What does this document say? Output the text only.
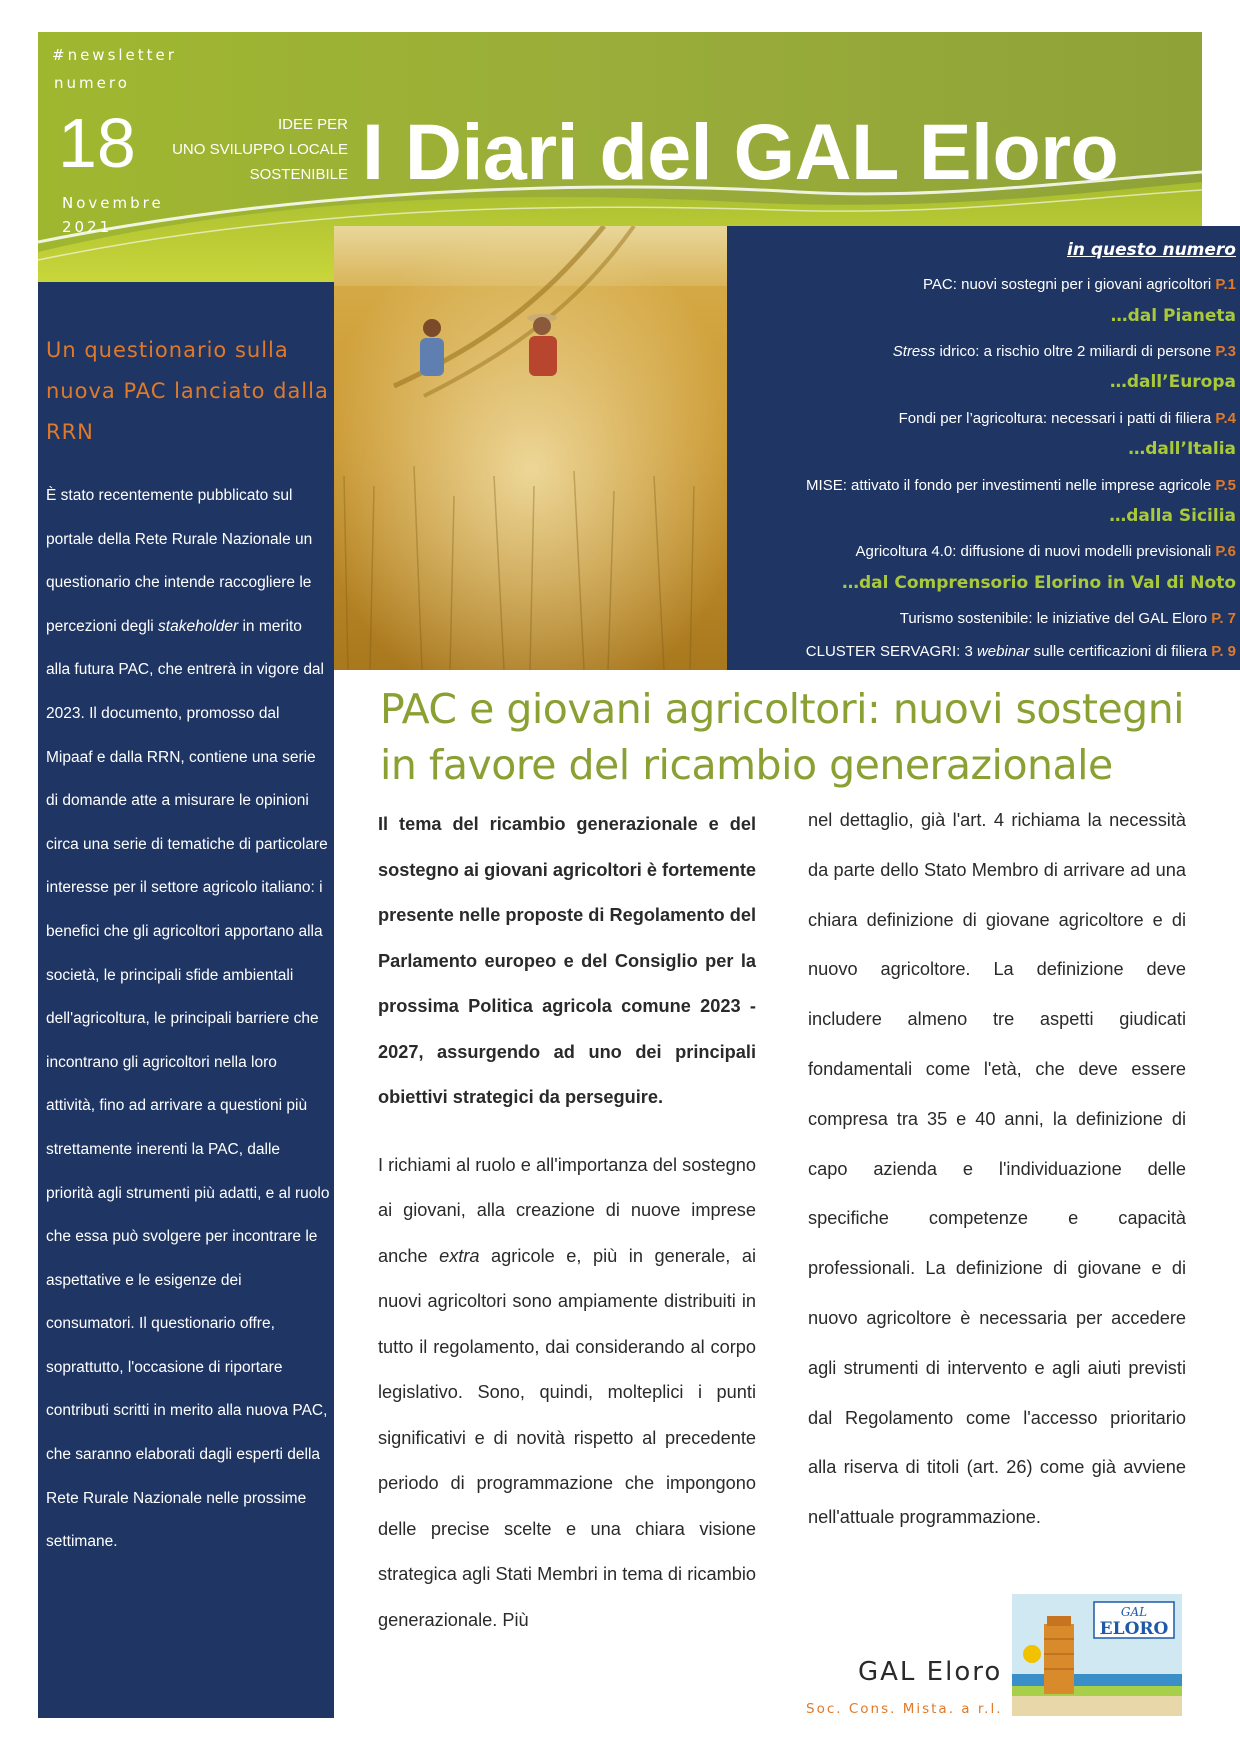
#newsletter
numero
18
Novembre
2021
IDEE PER
UNO SVILUPPO LOCALE
SOSTENIBILE I Diari del GAL Eloro
Un questionario sulla nuova PAC lanciato dalla RRN
È stato recentemente pubblicato sul portale della Rete Rurale Nazionale un questionario che intende raccogliere le percezioni degli stakeholder in merito alla futura PAC, che entrerà in vigore dal 2023. Il documento, promosso dal Mipaaf e dalla RRN, contiene una serie di domande atte a misurare le opinioni circa una serie di tematiche di particolare interesse per il settore agricolo italiano: i benefici che gli agricoltori apportano alla società, le principali sfide ambientali dell'agricoltura, le principali barriere che incontrano gli agricoltori nella loro attività, fino ad arrivare a questioni più strettamente inerenti la PAC, dalle priorità agli strumenti più adatti, e al ruolo che essa può svolgere per incontrare le aspettative e le esigenze dei consumatori. Il questionario offre, soprattutto, l'occasione di riportare contributi scritti in merito alla nuova PAC, che saranno elaborati dagli esperti della Rete Rurale Nazionale nelle prossime settimane.
in questo numero
PAC: nuovi sostegni per i giovani agricoltori P.1
…dal Pianeta
Stress idrico: a rischio oltre 2 miliardi di persone P.3
…dall’Europa
Fondi per l’agricoltura: necessari i patti di filiera P.4
…dall’Italia
MISE: attivato il fondo per investimenti nelle imprese agricole P.5
…dalla Sicilia
Agricoltura 4.0: diffusione di nuovi modelli previsionali P.6
…dal Comprensorio Elorino in Val di Noto
Turismo sostenibile: le iniziative del GAL Eloro P. 7
CLUSTER SERVAGRI: 3 webinar sulle certificazioni di filiera P. 9
PAC e giovani agricoltori: nuovi sostegni in favore del ricambio generazionale

Il tema del ricambio generazionale e del sostegno ai giovani agricoltori è fortemente presente nelle proposte di Regolamento del Parlamento europeo e del Consiglio per la prossima Politica agricola comune 2023 - 2027, assurgendo ad uno dei principali obiettivi strategici da perseguire.

I richiami al ruolo e all'importanza del sostegno ai giovani, alla creazione di nuove imprese anche extra agricole e, più in generale, ai nuovi agricoltori sono ampiamente distribuiti in tutto il regolamento, dai considerando al corpo legislativo. Sono, quindi, molteplici i punti significativi e di novità rispetto al precedente periodo di programmazione che impongono delle precise scelte e una chiara visione strategica agli Stati Membri in tema di ricambio generazionale. Più

nel dettaglio, già l'art. 4 richiama la necessità da parte dello Stato Membro di arrivare ad una chiara definizione di giovane agricoltore e di nuovo agricoltore. La definizione deve includere almeno tre aspetti giudicati fondamentali come l'età, che deve essere compresa tra 35 e 40 anni, la definizione di capo azienda e l'individuazione delle specifiche competenze e capacità professionali. La definizione di giovane e di nuovo agricoltore è necessaria per accedere agli strumenti di intervento e agli aiuti previsti dal Regolamento come l'accesso prioritario alla riserva di titoli (art. 26) come già avviene nell'attuale programmazione.

GAL Eloro
Soc. Cons. Mista. a r.l.
GAL
ELORO
